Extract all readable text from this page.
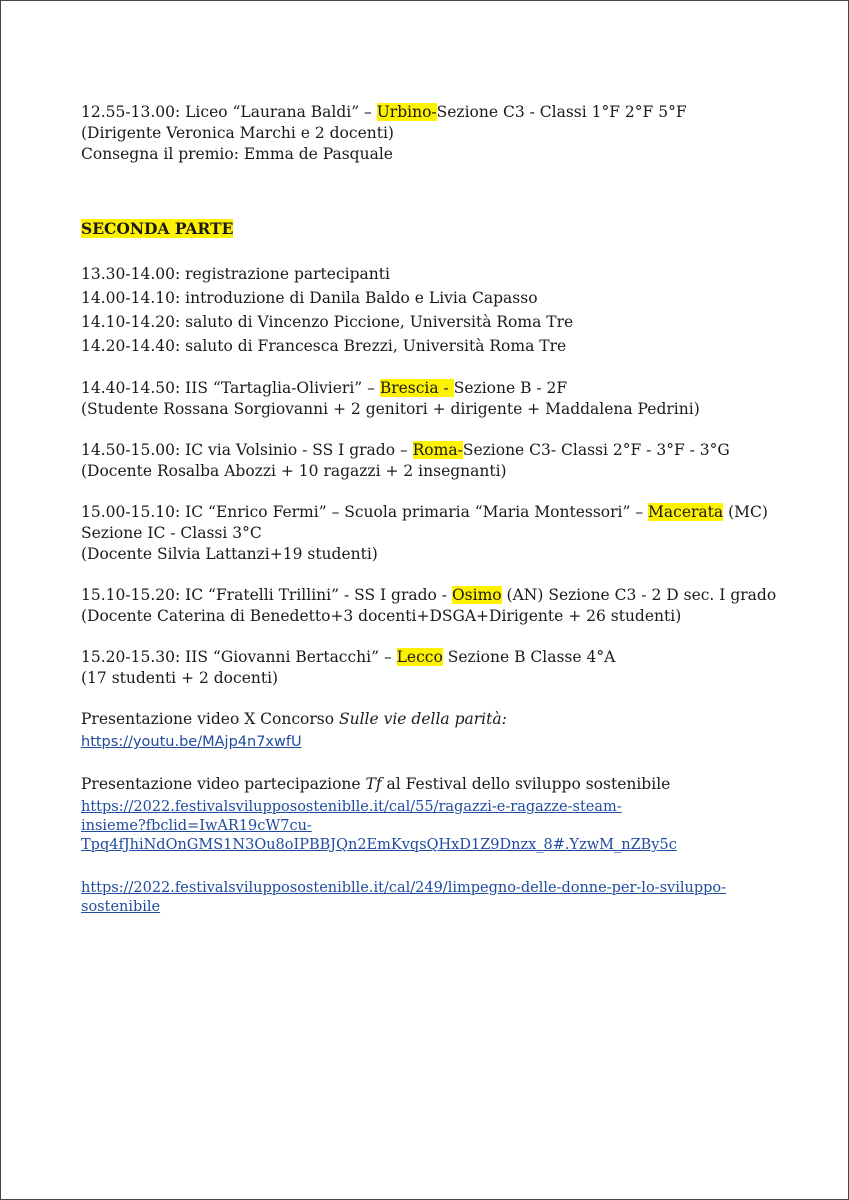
12.55-13.00: Liceo “Laurana Baldi” – Urbino-Sezione C3 - Classi 1°F 2°F 5°F
(Dirigente Veronica Marchi e 2 docenti)
Consegna il premio: Emma de Pasquale
SECONDA PARTE
13.30-14.00: registrazione partecipanti
14.00-14.10: introduzione di Danila Baldo e Livia Capasso
14.10-14.20: saluto di Vincenzo Piccione, Università Roma Tre
14.20-14.40: saluto di Francesca Brezzi, Università Roma Tre
14.40-14.50: IIS “Tartaglia-Olivieri” – Brescia - Sezione B - 2F
(Studente Rossana Sorgiovanni + 2 genitori + dirigente + Maddalena Pedrini)
14.50-15.00: IC via Volsinio - SS I grado – Roma-Sezione C3- Classi 2°F - 3°F - 3°G
(Docente Rosalba Abozzi + 10 ragazzi + 2 insegnanti)
15.00-15.10: IC “Enrico Fermi” – Scuola primaria “Maria Montessori” – Macerata (MC)
Sezione IC - Classi 3°C
(Docente Silvia Lattanzi+19 studenti)
15.10-15.20: IC “Fratelli Trillini” - SS I grado - Osimo (AN) Sezione C3 - 2 D sec. I grado
(Docente Caterina di Benedetto+3 docenti+DSGA+Dirigente + 26 studenti)
15.20-15.30: IIS “Giovanni Bertacchi” – Lecco Sezione B Classe 4°A
(17 studenti + 2 docenti)
Presentazione video X Concorso Sulle vie della parità:
https://youtu.be/MAjp4n7xwfU
Presentazione video partecipazione Tf al Festival dello sviluppo sostenibile
https://2022.festivalsviluppososteniblle.it/cal/55/ragazzi-e-ragazze-steam-
insieme?fbclid=IwAR19cW7cu-
Tpq4fJhiNdOnGMS1N3Ou8oIPBBJQn2EmKvqsQHxD1Z9Dnzx_8#.YzwM_nZBy5c
https://2022.festivalsviluppososteniblle.it/cal/249/limpegno-delle-donne-per-lo-sviluppo-
sostenibile
